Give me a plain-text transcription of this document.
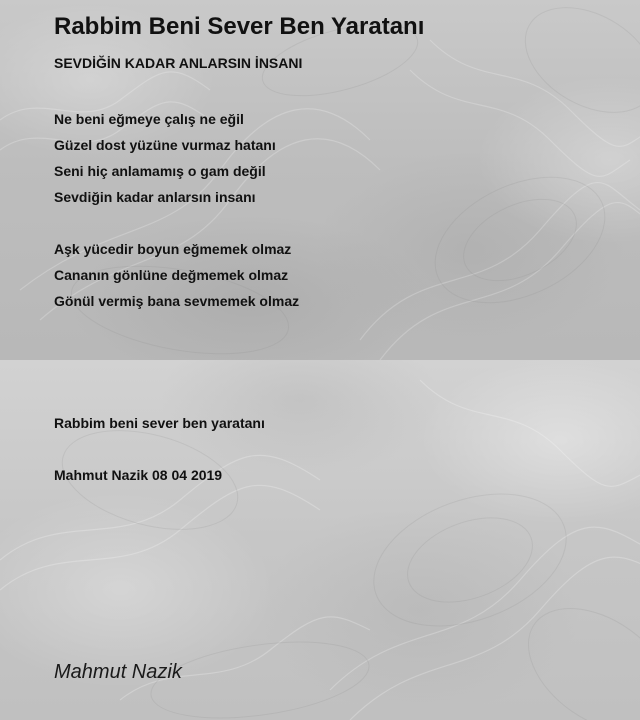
Rabbim Beni Sever Ben Yaratanı
SEVDİĞİN KADAR ANLARSIN İNSANI
Ne beni eğmeye çalış ne eğil
Güzel dost yüzüne vurmaz hatanı
Seni hiç anlamamış o gam değil
Sevdiğin kadar anlarsın insanı
Aşk yücedir boyun eğmemek olmaz
Cananın gönlüne değmemek olmaz
Gönül vermiş bana sevmemek olmaz

Rabbim beni sever ben yaratanı

Mahmut Nazik 08 04 2019

Mahmut Nazik
